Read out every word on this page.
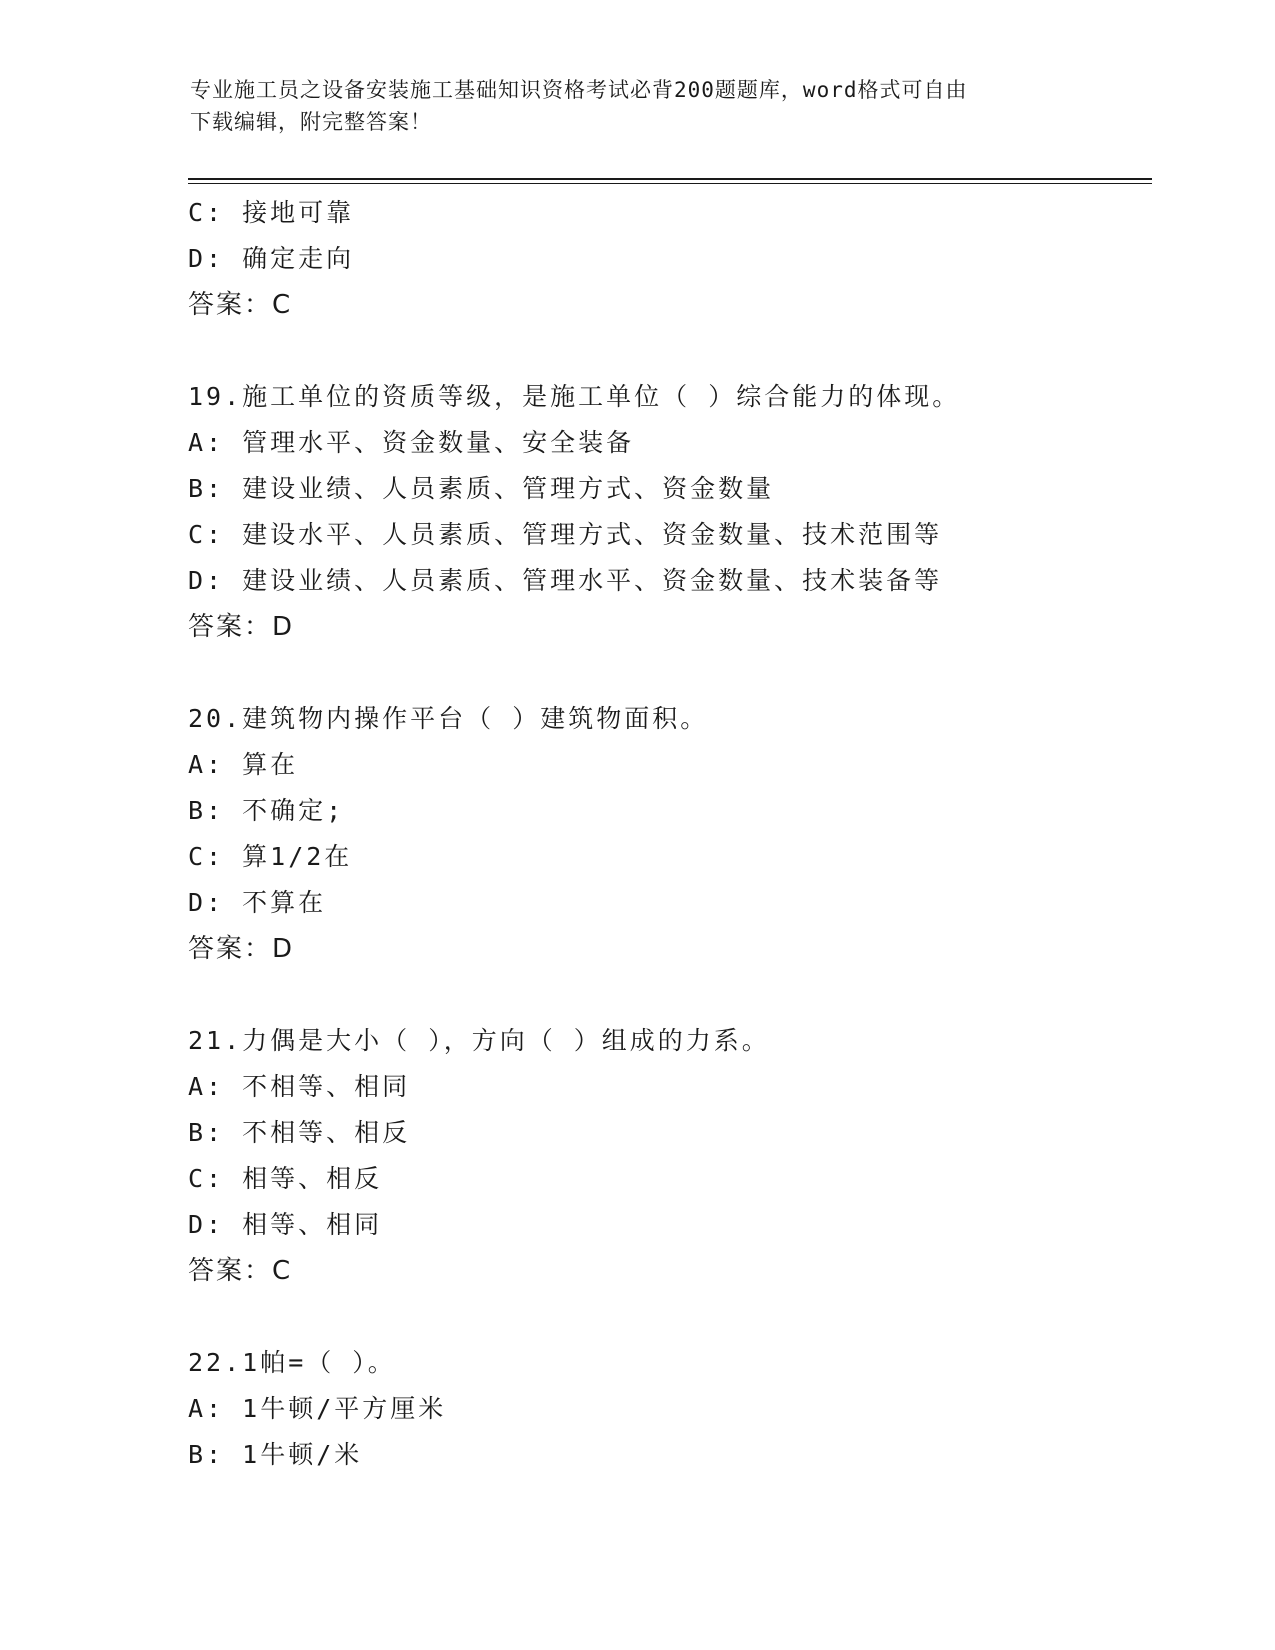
专业施工员之设备安装施工基础知识资格考试必背200题题库，word格式可自由
下载编辑，附完整答案！
C: 接地可靠
D: 确定走向
答案：C
19.施工单位的资质等级，是施工单位（ ）综合能力的体现。
A: 管理水平、资金数量、安全装备
B: 建设业绩、人员素质、管理方式、资金数量
C: 建设水平、人员素质、管理方式、资金数量、技术范围等
D: 建设业绩、人员素质、管理水平、资金数量、技术装备等
答案：D
20.建筑物内操作平台（ ）建筑物面积。
A: 算在
B: 不确定;
C: 算1/2在
D: 不算在
答案：D
21.力偶是大小（ ），方向（ ）组成的力系。
A: 不相等、相同
B: 不相等、相反
C: 相等、相反
D: 相等、相同
答案：C
22.1帕=（ ）。
A: 1牛顿/平方厘米
B: 1牛顿/米
